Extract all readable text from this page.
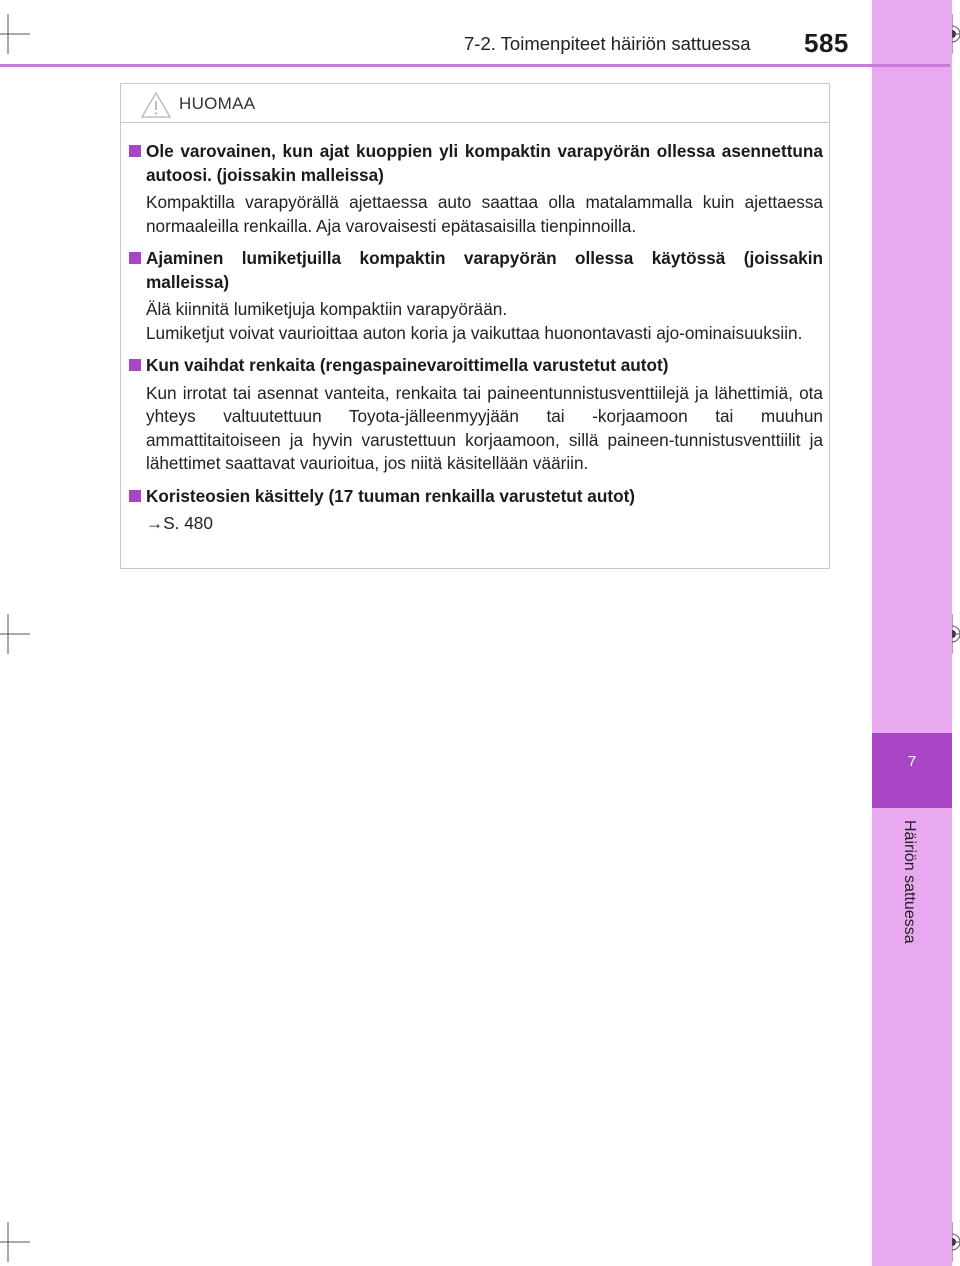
7
Häiriön sattuessa
7-2. Toimenpiteet häiriön sattuessa 585
HUOMAA
Ole varovainen, kun ajat kuoppien yli kompaktin varapyörän ollessa asennettuna autoosi. (joissakin malleissa)
Kompaktilla varapyörällä ajettaessa auto saattaa olla matalammalla kuin ajettaessa normaaleilla renkailla. Aja varovaisesti epätasaisilla tienpinnoilla.
Ajaminen lumiketjuilla kompaktin varapyörän ollessa käytössä (joissakin malleissa)
Älä kiinnitä lumiketjuja kompaktiin varapyörään.
Lumiketjut voivat vaurioittaa auton koria ja vaikuttaa huonontavasti ajo-ominaisuuksiin.
Kun vaihdat renkaita (rengaspainevaroittimella varustetut autot)
Kun irrotat tai asennat vanteita, renkaita tai paineentunnistusventtiilejä ja lähettimiä, ota yhteys valtuutettuun Toyota-jälleenmyyjään tai -korjaamoon tai muuhun ammattitaitoiseen ja hyvin varustettuun korjaamoon, sillä paineen-tunnistusventtiilit ja lähettimet saattavat vaurioitua, jos niitä käsitellään vääriin.
Koristeosien käsittely (17 tuuman renkailla varustetut autot)
→S. 480
